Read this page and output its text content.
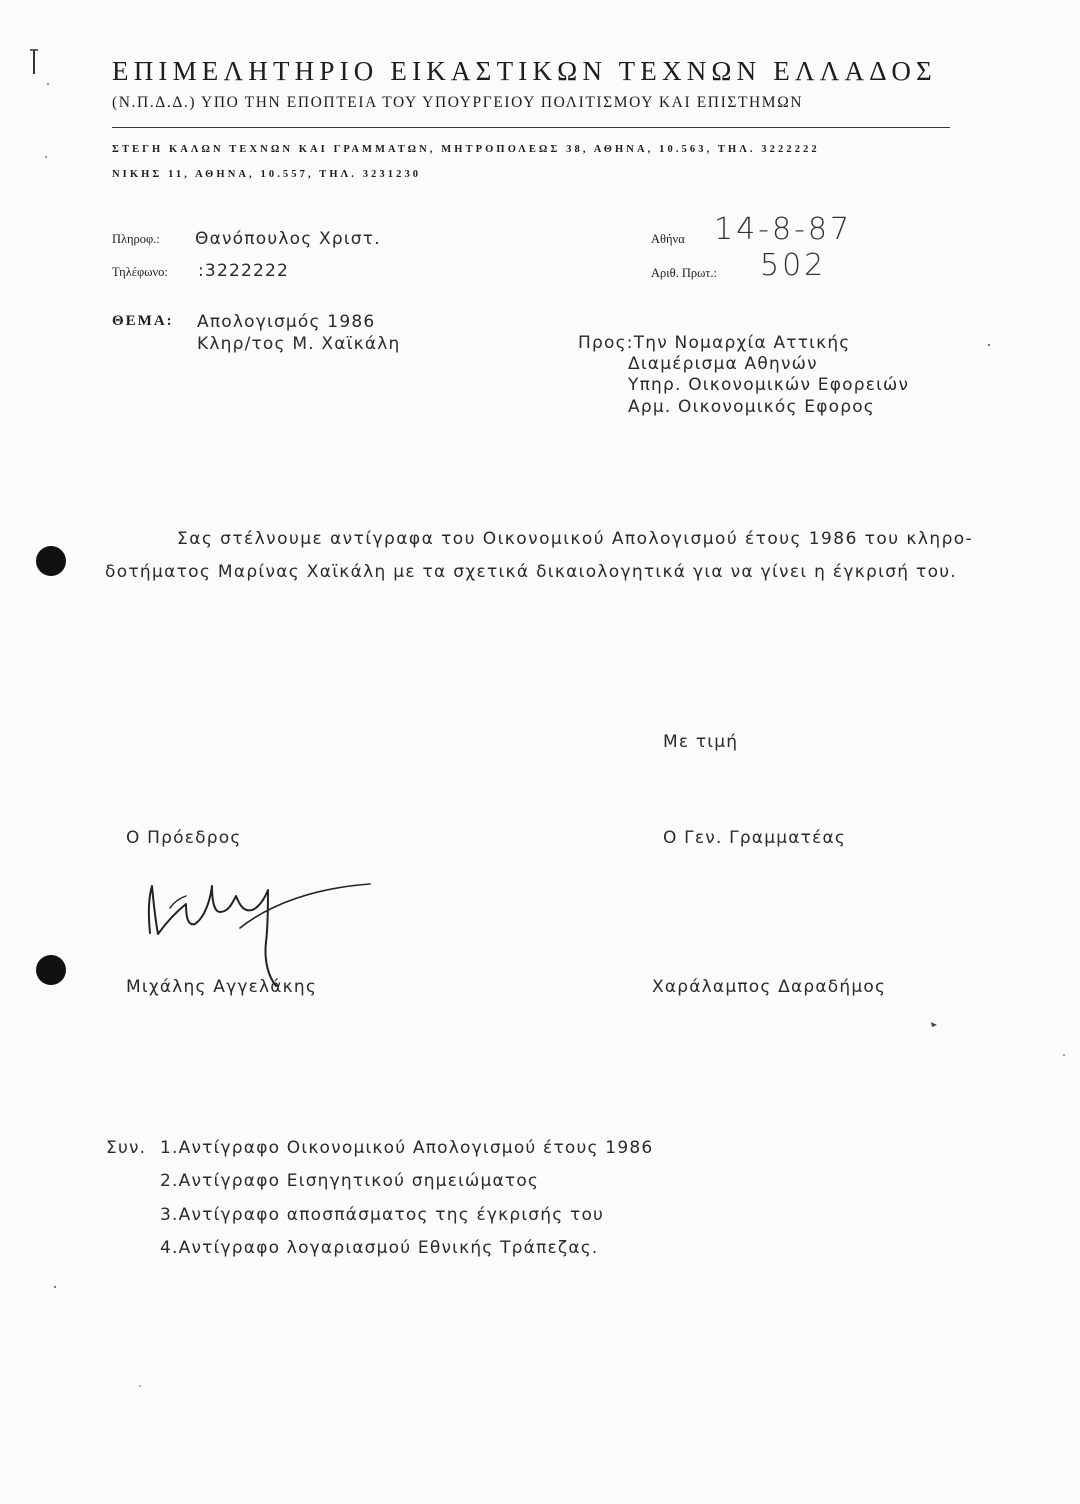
ΕΠΙΜΕΛΗΤΗΡΙΟ ΕΙΚΑΣΤΙΚΩΝ ΤΕΧΝΩΝ ΕΛΛΑΔΟΣ
(Ν.Π.Δ.Δ.) ΥΠΟ ΤΗΝ ΕΠΟΠΤΕΙΑ ΤΟΥ ΥΠΟΥΡΓΕΙΟΥ ΠΟΛΙΤΙΣΜΟΥ ΚΑΙ ΕΠΙΣΤΗΜΩΝ
ΣΤΕΓΗ ΚΑΛΩΝ ΤΕΧΝΩΝ ΚΑΙ ΓΡΑΜΜΑΤΩΝ, ΜΗΤΡΟΠΟΛΕΩΣ 38, ΑΘΗΝΑ, 10.563, ΤΗΛ. 3222222
ΝΙΚΗΣ 11, ΑΘΗΝΑ, 10.557, ΤΗΛ. 3231230
Πληροφ.: Θανόπουλος Χριστ.
Τηλέφωνο: :3222222
Αθήνα 14-8-87
Αριθ. Πρωτ.: 502
ΘΕΜΑ: Απολογισμός 1986
Κληρ/τος Μ. Χαϊκάλη	Προς:Την Νομαρχία Αττικής
Διαμέρισμα Αθηνών
Υπηρ. Οικονομικών Εφορειών
Αρμ. Οικονομικός Εφορος
Σας στέλνουμε αντίγραφα του Οικονομικού Απολογισμού έτους 1986 του κληρο-
δοτήματος Μαρίνας Χαϊκάλη με τα σχετικά δικαιολογητικά για να γίνει η έγκρισή του.
Με τιμή
Ο Πρόεδρος	Ο Γεν. Γραμματέας
Μιχάλης Αγγελάκης	Χαράλαμπος Δαραδήμος
Συν. 1.Αντίγραφο Οικονομικού Απολογισμού έτους 1986
2.Αντίγραφο Εισηγητικού σημειώματος
3.Αντίγραφο αποσπάσματος της έγκρισής του
4.Αντίγραφο λογαριασμού Εθνικής Τράπεζας.
